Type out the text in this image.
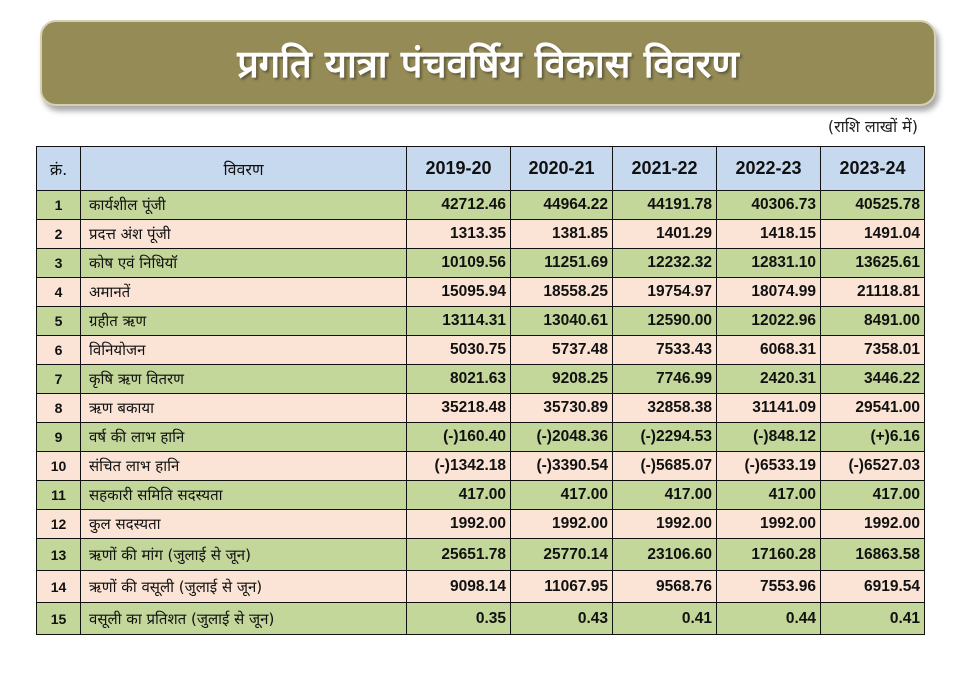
प्रगति यात्रा पंचवर्षिय विकास विवरण
(राशि लाखों में)
क्रं.	विवरण	2019-20	2020-21	2021-22	2022-23	2023-24
1	कार्यशील पूंजी	42712.46	44964.22	44191.78	40306.73	40525.78
2	प्रदत्त अंश पूंजी	1313.35	1381.85	1401.29	1418.15	1491.04
3	कोष एवं निधियॉ	10109.56	11251.69	12232.32	12831.10	13625.61
4	अमानतें	15095.94	18558.25	19754.97	18074.99	21118.81
5	ग्रहीत ऋण	13114.31	13040.61	12590.00	12022.96	8491.00
6	विनियोजन	5030.75	5737.48	7533.43	6068.31	7358.01
7	कृषि ऋण वितरण	8021.63	9208.25	7746.99	2420.31	3446.22
8	ऋण बकाया	35218.48	35730.89	32858.38	31141.09	29541.00
9	वर्ष की लाभ हानि	(-)160.40	(-)2048.36	(-)2294.53	(-)848.12	(+)6.16
10	संचित लाभ हानि	(-)1342.18	(-)3390.54	(-)5685.07	(-)6533.19	(-)6527.03
11	सहकारी समिति सदस्यता	417.00	417.00	417.00	417.00	417.00
12	कुल सदस्यता	1992.00	1992.00	1992.00	1992.00	1992.00
13	ऋणों की मांग (जुलाई से जून)	25651.78	25770.14	23106.60	17160.28	16863.58
14	ऋणों की वसूली (जुलाई से जून)	9098.14	11067.95	9568.76	7553.96	6919.54
15	वसूली का प्रतिशत (जुलाई से जून)	0.35	0.43	0.41	0.44	0.41
